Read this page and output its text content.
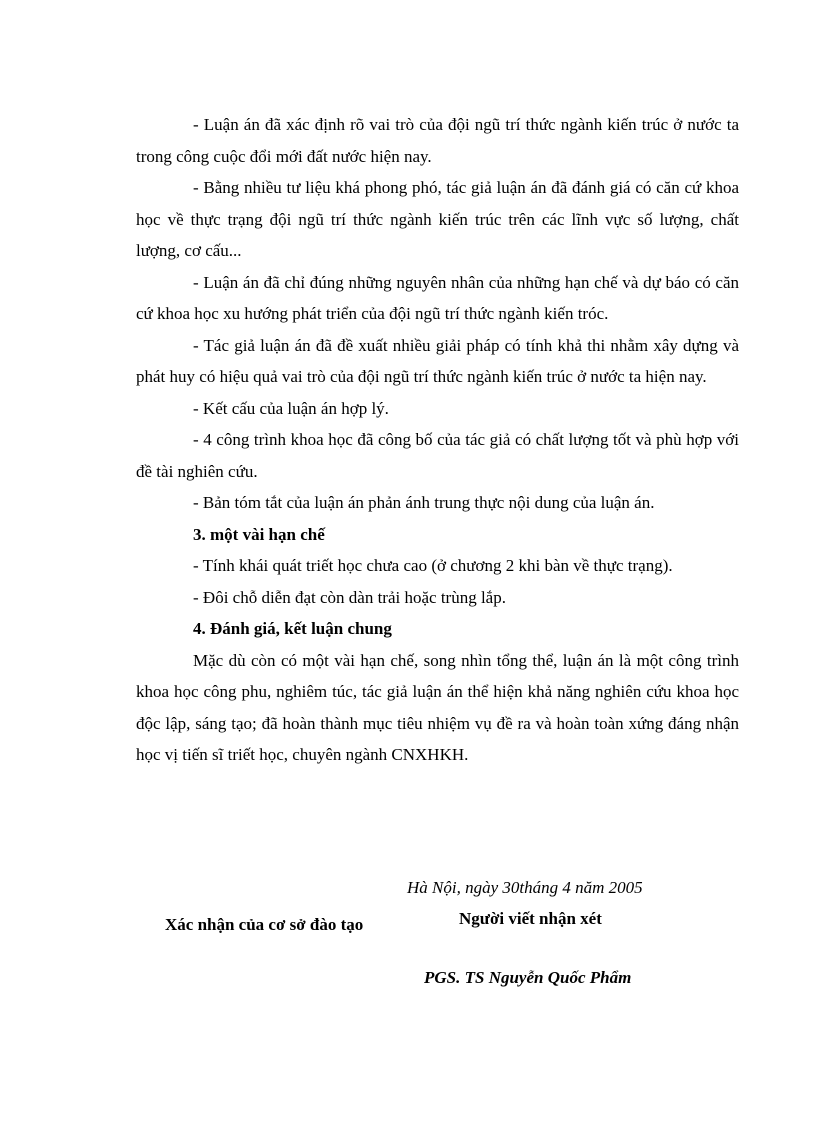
- Luận án đã xác định rõ vai trò của đội ngũ trí thức ngành kiến trúc ở nước ta trong công cuộc đổi mới đất nước hiện nay.

- Bằng nhiều tư liệu khá phong phó, tác giả luận án đã đánh giá có căn cứ khoa học về thực trạng đội ngũ trí thức ngành kiến trúc trên các lĩnh vực số lượng, chất lượng, cơ cấu...

- Luận án đã chỉ đúng những nguyên nhân của những hạn chế và dự báo có căn cứ khoa học xu hướng phát triển của đội ngũ trí thức ngành kiến tróc.

- Tác giả luận án đã đề xuất nhiều giải pháp có tính khả thi nhằm xây dựng và phát huy có hiệu quả vai trò của đội ngũ trí thức ngành kiến trúc ở nước ta hiện nay.

- Kết cấu của luận án hợp lý.

- 4 công trình khoa học đã công bố của tác giả có chất lượng tốt và phù hợp với đề tài nghiên cứu.

- Bản tóm tắt của luận án phản ánh trung thực nội dung của luận án.

3. một vài hạn chế

- Tính khái quát triết học chưa cao (ở chương 2 khi bàn về thực trạng).

- Đôi chỗ diễn đạt còn dàn trải hoặc trùng lắp.

4. Đánh giá, kết luận chung

Mặc dù còn có một vài hạn chế, song nhìn tổng thể, luận án là một công trình khoa học công phu, nghiêm túc, tác giả luận án thể hiện khả năng nghiên cứu khoa học độc lập, sáng tạo; đã hoàn thành mục tiêu nhiệm vụ đề ra và hoàn toàn xứng đáng nhận học vị tiến sĩ triết học, chuyên ngành CNXHKH.

Hà Nội, ngày 30tháng 4 năm 2005
Xác nhận của cơ sở đào tạo	Người viết nhận xét
PGS. TS Nguyễn Quốc Phẩm
